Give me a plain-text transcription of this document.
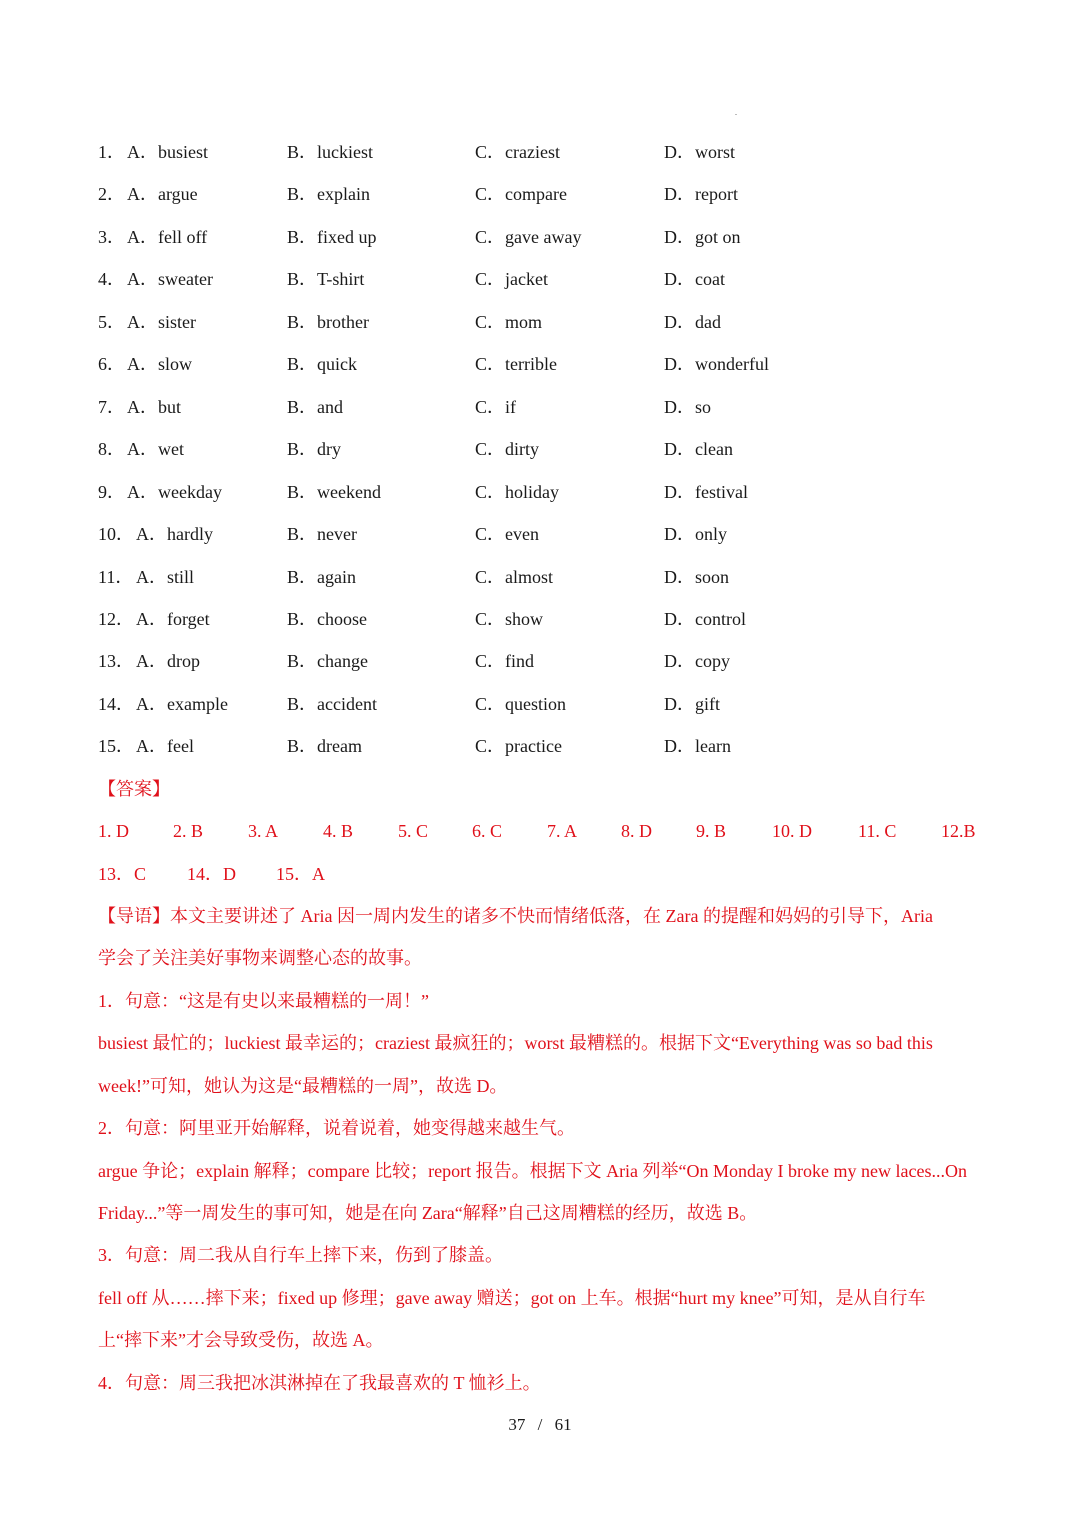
1． A．busiest	B．luckiest	C．craziest	D．worst
2． A．argue	B．explain	C．compare	D．report
3． A．fell off	B．fixed up	C．gave away	D．got on
4． A．sweater	B．T-shirt	C．jacket	D．coat
5． A．sister	B．brother	C．mom	D．dad
6． A．slow	B．quick	C．terrible	D．wonderful
7． A．but	B．and	C．if	D．so
8． A．wet	B．dry	C．dirty	D．clean
9． A．weekday	B．weekend	C．holiday	D．festival
10． A．hardly	B．never	C．even	D．only
11． A．still	B．again	C．almost	D．soon
12． A．forget	B．choose	C．show	D．control
13． A．drop	B．change	C．find	D．copy
14． A．example	B．accident	C．question	D．gift
15． A．feel	B．dream	C．practice	D．learn
【答案】
1. D 2. B 3. A 4. B 5. C 6. C 7. A 8. D 9. B	10. D	11. C 12.B
13．C 14．D 15．A
【导语】本文主要讲述了 Aria 因一周内发生的诸多不快而情绪低落，在 Zara 的提醒和妈妈的引导下，Aria
学会了关注美好事物来调整心态的故事。
1．句意：“这是有史以来最糟糕的一周！”
busiest 最忙的；luckiest 最幸运的；craziest 最疯狂的；worst 最糟糕的。根据下文“Everything was so bad this
week!”可知，她认为这是“最糟糕的一周”，故选 D。
2．句意：阿里亚开始解释，说着说着，她变得越来越生气。
argue 争论；explain 解释；compare 比较；report 报告。根据下文 Aria 列举“On Monday I broke my new laces...On
Friday...”等一周发生的事可知，她是在向 Zara“解释”自己这周糟糕的经历，故选 B。
3．句意：周二我从自行车上摔下来，伤到了膝盖。
fell off 从……摔下来；fixed up 修理；gave away 赠送；got on 上车。根据“hurt my knee”可知，是从自行车
上“摔下来”才会导致受伤，故选 A。
4．句意：周三我把冰淇淋掉在了我最喜欢的 T 恤衫上。
37 / 61
